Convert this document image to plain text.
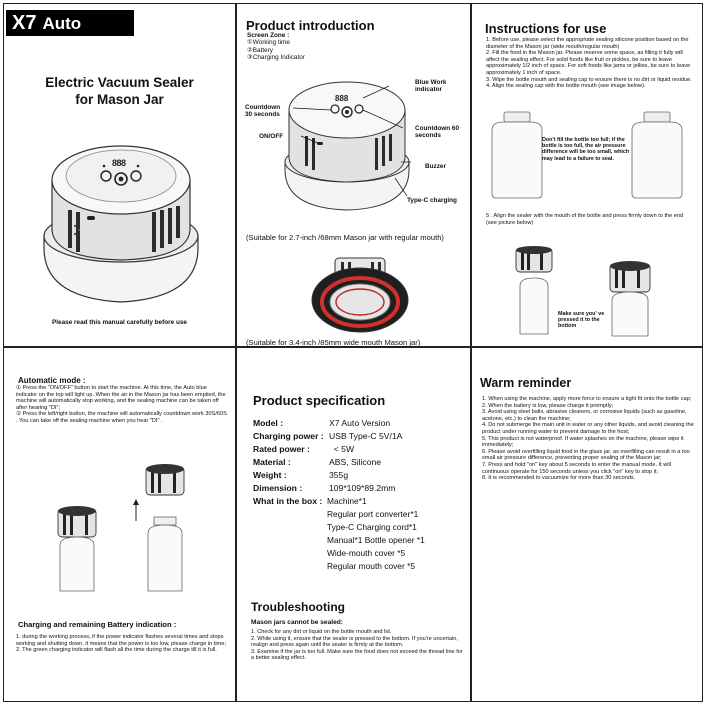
X7 Auto Version
Electric Vacuum Sealer
for Mason Jar
888
Please read this manual carefully before use
Product introduction
Screen Zone :
①Working time
②Battery
③Charging Indicator
888
Blue Work indicator
Countdown 30 seconds
Countdown 60 seconds
ON/OFF
Buzzer
Type-C charging
(Suitable for 2.7-inch /68mm Mason jar with regular mouth)
(Suitable for 3.4-inch /85mm wide mouth Mason jar)
Instructions for use
1. Before use, please select the appropriate sealing silicone position based on the diameter of the Mason jar (wide mouth/regular mouth)
2. Fill the food in the Mason jar. Please reserve some space, as filling it fully will affect the sealing effect. For solid foods like fruit or pickles, be sure to leave approximately 1/2 inch of space. For soft foods like jams or jellies, be sure to leave approximately 1 inch of space.
3. Wipe the bottle mouth and sealing cap to ensure there is no dirt or liquid residue.
4. Align the sealing cap with the bottle mouth (see image below).
Don't fill the bottle too full; if the bottle is too full, the air pressure difference will be too small, which may lead to a failure to seal.
5 . Align the sealer with the mouth of the bottle and press firmly down to the end (see picture below)
Make sure you' ve pressed it to the bottom
Automatic mode :
① Press the "ON/OFF" button to start the machine. At this time, the Auto blue indicator on the top will light up. When the air in the Mason jar has been emptied, the machine will automatically stop working, and the sealing machine can be taken off after hearing "DI";
② Press the left/right button, the machine will automatically countdown work 30S/60S . You can take off the sealing machine when you hear "DI" .
Charging and remaining Battery indication :
1. during the working process, if the power indicator flashes several times and stops working and shutting down, it means that the power is too low, please charge in time;
2. The green charging indicator will flash all the time during the charge till it is full.
Product specification
Model :	X7 Auto Version
Charging power : USB Type-C 5V/1A
Rated power : < 5W
Material :	ABS, Silicone
Weight :	355g
Dimension :	109*109*89.2mm
What in the box : Machine*1
Regular port converter*1
Type-C Charging cord*1
Manual*1 Bottle opener *1
Wide-mouth cover *5
Regular mouth cover *5
Troubleshooting
Mason jars cannot be sealed:
1. Check for any dirt or liquid on the bottle mouth and lid.
2. While using it, ensure that the sealer is pressed to the bottom. If you're uncertain, realign and press again until the sealer is firmly at the bottom.
3. Examine if the jar is too full. Make sure the food does not exceed the thread line for a better sealing effect.
Warm reminder
1. When using the machine, apply more force to ensure a tight fit onto the bottle cap;
2. When the battery is low, please charge it promptly;
3. Avoid using steel balls, abrasive cleaners, or corrosive liquids (such as gasoline, acetone, etc.) to clean the machine;
4. Do not submerge the main unit in water or any other liquids, and avoid cleaning the product under running water to prevent damage to the host;
5. This product is not waterproof. If water splashes on the machine, please wipe it immediately;
6. Please avoid overfilling liquid food in the glass jar, as overfilling can result in a too small air pressure difference, preventing proper sealing of the Mason jar;
7. Press and hold "on" key about 5 seconds to enter the manual mode. It will continuous operate for 150 seconds unless you click "on" key to stop it;
8. It is recommended to vacuumize for more than 30 seconds.
